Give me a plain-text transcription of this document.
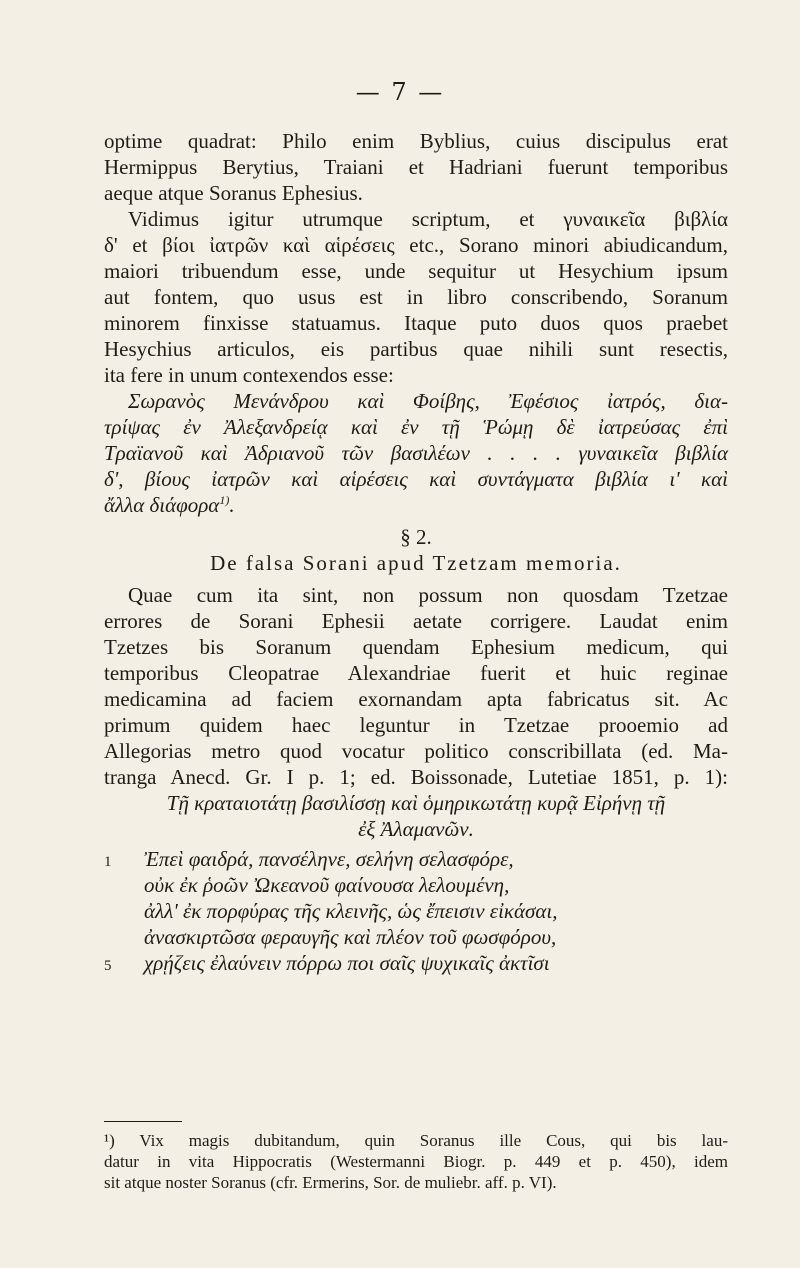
— 7 —
optime quadrat: Philo enim Byblius, cuius discipulus erat
Hermippus Berytius, Traiani et Hadriani fuerunt temporibus
aeque atque Soranus Ephesius.
Vidimus igitur utrumque scriptum, et γυναικεῖα βιβλία
δ' et βίοι ἰατρῶν καὶ αἱρέσεις etc., Sorano minori abiudicandum,
maiori tribuendum esse, unde sequitur ut Hesychium ipsum
aut fontem, quo usus est in libro conscribendo, Soranum
minorem finxisse statuamus. Itaque puto duos quos praebet
Hesychius articulos, eis partibus quae nihili sunt resectis,
ita fere in unum contexendos esse:
Σωρανὸς Μενάνδρου καὶ Φοίβης, Ἐφέσιος ἰατρός, δια-
τρίψας ἐν Ἀλεξανδρείᾳ καὶ ἐν τῇ Ῥώμῃ δὲ ἰατρεύσας ἐπὶ
Τραϊανοῦ καὶ Ἀδριανοῦ τῶν βασιλέων . . . . γυναικεῖα βιβλία
δ', βίους ἰατρῶν καὶ αἱρέσεις καὶ συντάγματα βιβλία ι' καὶ
ἄλλα διάφορα$^{1)}$.
§ 2.
De falsa Sorani apud Tzetzam memoria.
Quae cum ita sint, non possum non quosdam Tzetzae
errores de Sorani Ephesii aetate corrigere. Laudat enim
Tzetzes bis Soranum quendam Ephesium medicum, qui
temporibus Cleopatrae Alexandriae fuerit et huic reginae
medicamina ad faciem exornandam apta fabricatus sit. Ac
primum quidem haec leguntur in Tzetzae prooemio ad
Allegorias metro quod vocatur politico conscribillata (ed. Ma-
tranga Anecd. Gr. I p. 1; ed. Boissonade, Lutetiae 1851, p. 1):
Τῇ κραταιοτάτῃ βασιλίσσῃ καὶ ὁμηρικωτάτῃ κυρᾷ Εἰρήνῃ τῇ
ἐξ Ἀλαμανῶν.
1 Ἐπεὶ φαιδρά, πανσέληνε, σελήνη σελασφόρε,
οὐκ ἐκ ῥοῶν Ὠκεανοῦ φαίνουσα λελουμένη,
ἀλλ' ἐκ πορφύρας τῆς κλεινῆς, ὡς ἔπεισιν εἰκάσαι,
ἀνασκιρτῶσα φεραυγῆς καὶ πλέον τοῦ φωσφόρου,
5 χρῄζεις ἐλαύνειν πόρρω ποι σαῖς ψυχικαῖς ἀκτῖσι
¹) Vix magis dubitandum, quin Soranus ille Cous, qui bis lau-
datur in vita Hippocratis (Westermanni Biogr. p. 449 et p. 450), idem
sit atque noster Soranus (cfr. Ermerins, Sor. de muliebr. aff. p. VI).
